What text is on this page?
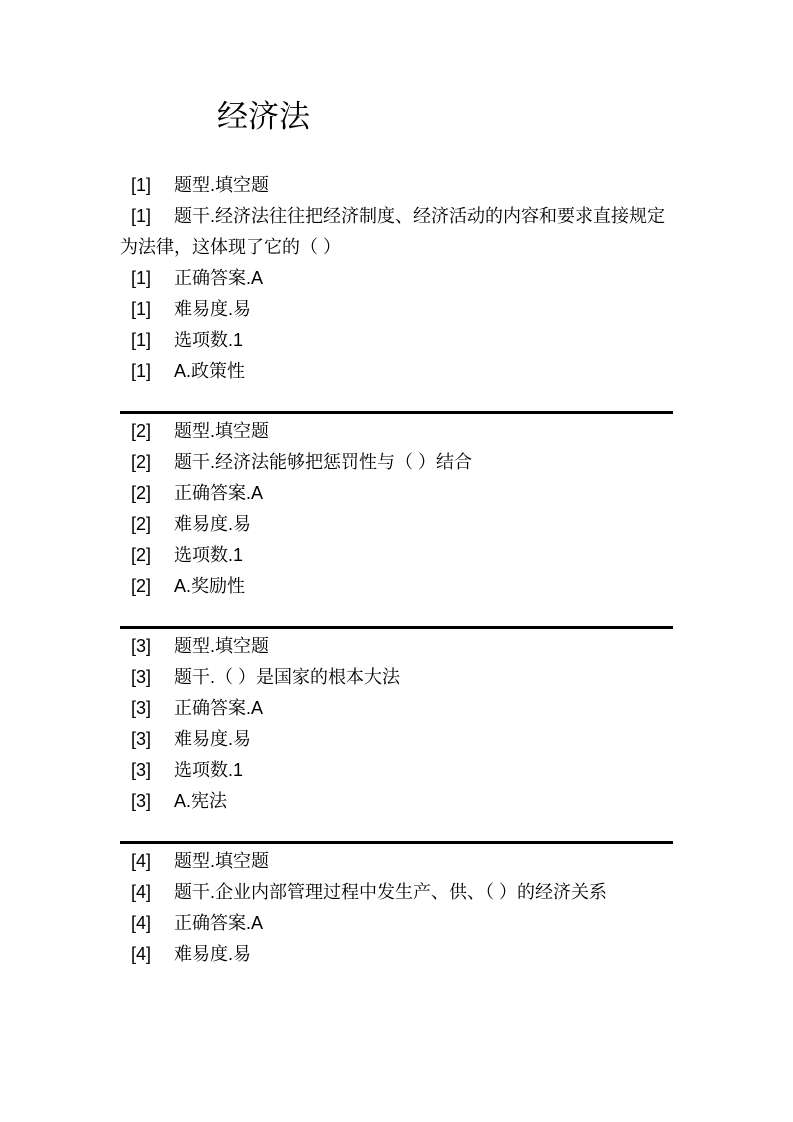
经济法

[1] 题型.填空题

[1] 题干.经济法往往把经济制度、经济活动的内容和要求直接规定为法律，这体现了它的（ ）

[1] 正确答案.A

[1] 难易度.易

[1] 选项数.1

[1] A.政策性

[2] 题型.填空题

[2] 题干.经济法能够把惩罚性与（ ）结合

[2] 正确答案.A

[2] 难易度.易

[2] 选项数.1

[2] A.奖励性

[3] 题型.填空题

[3] 题干.（ ）是国家的根本大法

[3] 正确答案.A

[3] 难易度.易

[3] 选项数.1

[3] A.宪法

[4] 题型.填空题

[4] 题干.企业内部管理过程中发生产、供、（ ）的经济关系

[4] 正确答案.A

[4] 难易度.易
